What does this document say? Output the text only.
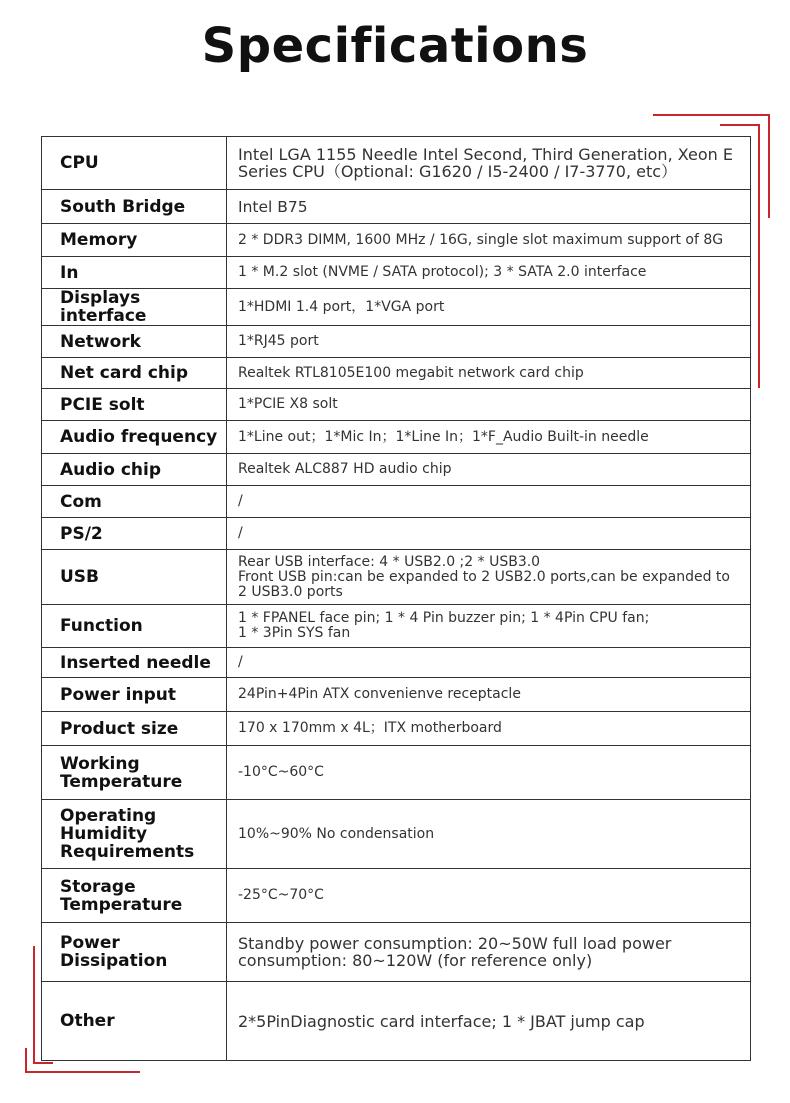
Specifications
CPU	Intel LGA 1155 Needle Intel Second, Third Generation, Xeon E Series CPU（Optional: G1620 / I5-2400 / I7-3770, etc）
South Bridge	Intel B75
Memory	2 * DDR3 DIMM, 1600 MHz / 16G, single slot maximum support of 8G
In	1 * M.2 slot (NVME / SATA protocol); 3 * SATA 2.0 interface
Displays interface	1*HDMI 1.4 port，1*VGA port
Network	1*RJ45 port
Net card chip	Realtek RTL8105E100 megabit network card chip
PCIE solt	1*PCIE X8 solt
Audio frequency	1*Line out；1*Mic In；1*Line In；1*F_Audio Built-in needle
Audio chip	Realtek ALC887 HD audio chip
Com	/
PS/2	/
USB	Rear USB interface: 4 * USB2.0 ;2 * USB3.0
Front USB pin:can be expanded to 2 USB2.0 ports,can be expanded to 2 USB3.0 ports
Function	1 * FPANEL face pin; 1 * 4 Pin buzzer pin; 1 * 4Pin CPU fan;
1 * 3Pin SYS fan
Inserted needle	/
Power input	24Pin+4Pin ATX convenienve receptacle
Product size	170 x 170mm x 4L；ITX motherboard
Working Temperature	-10°C~60°C
Operating Humidity Requirements	10%~90% No condensation
Storage Temperature	-25°C~70°C
Power Dissipation	Standby power consumption: 20~50W full load power consumption: 80~120W (for reference only)
Other	2*5PinDiagnostic card interface; 1 * JBAT jump cap
